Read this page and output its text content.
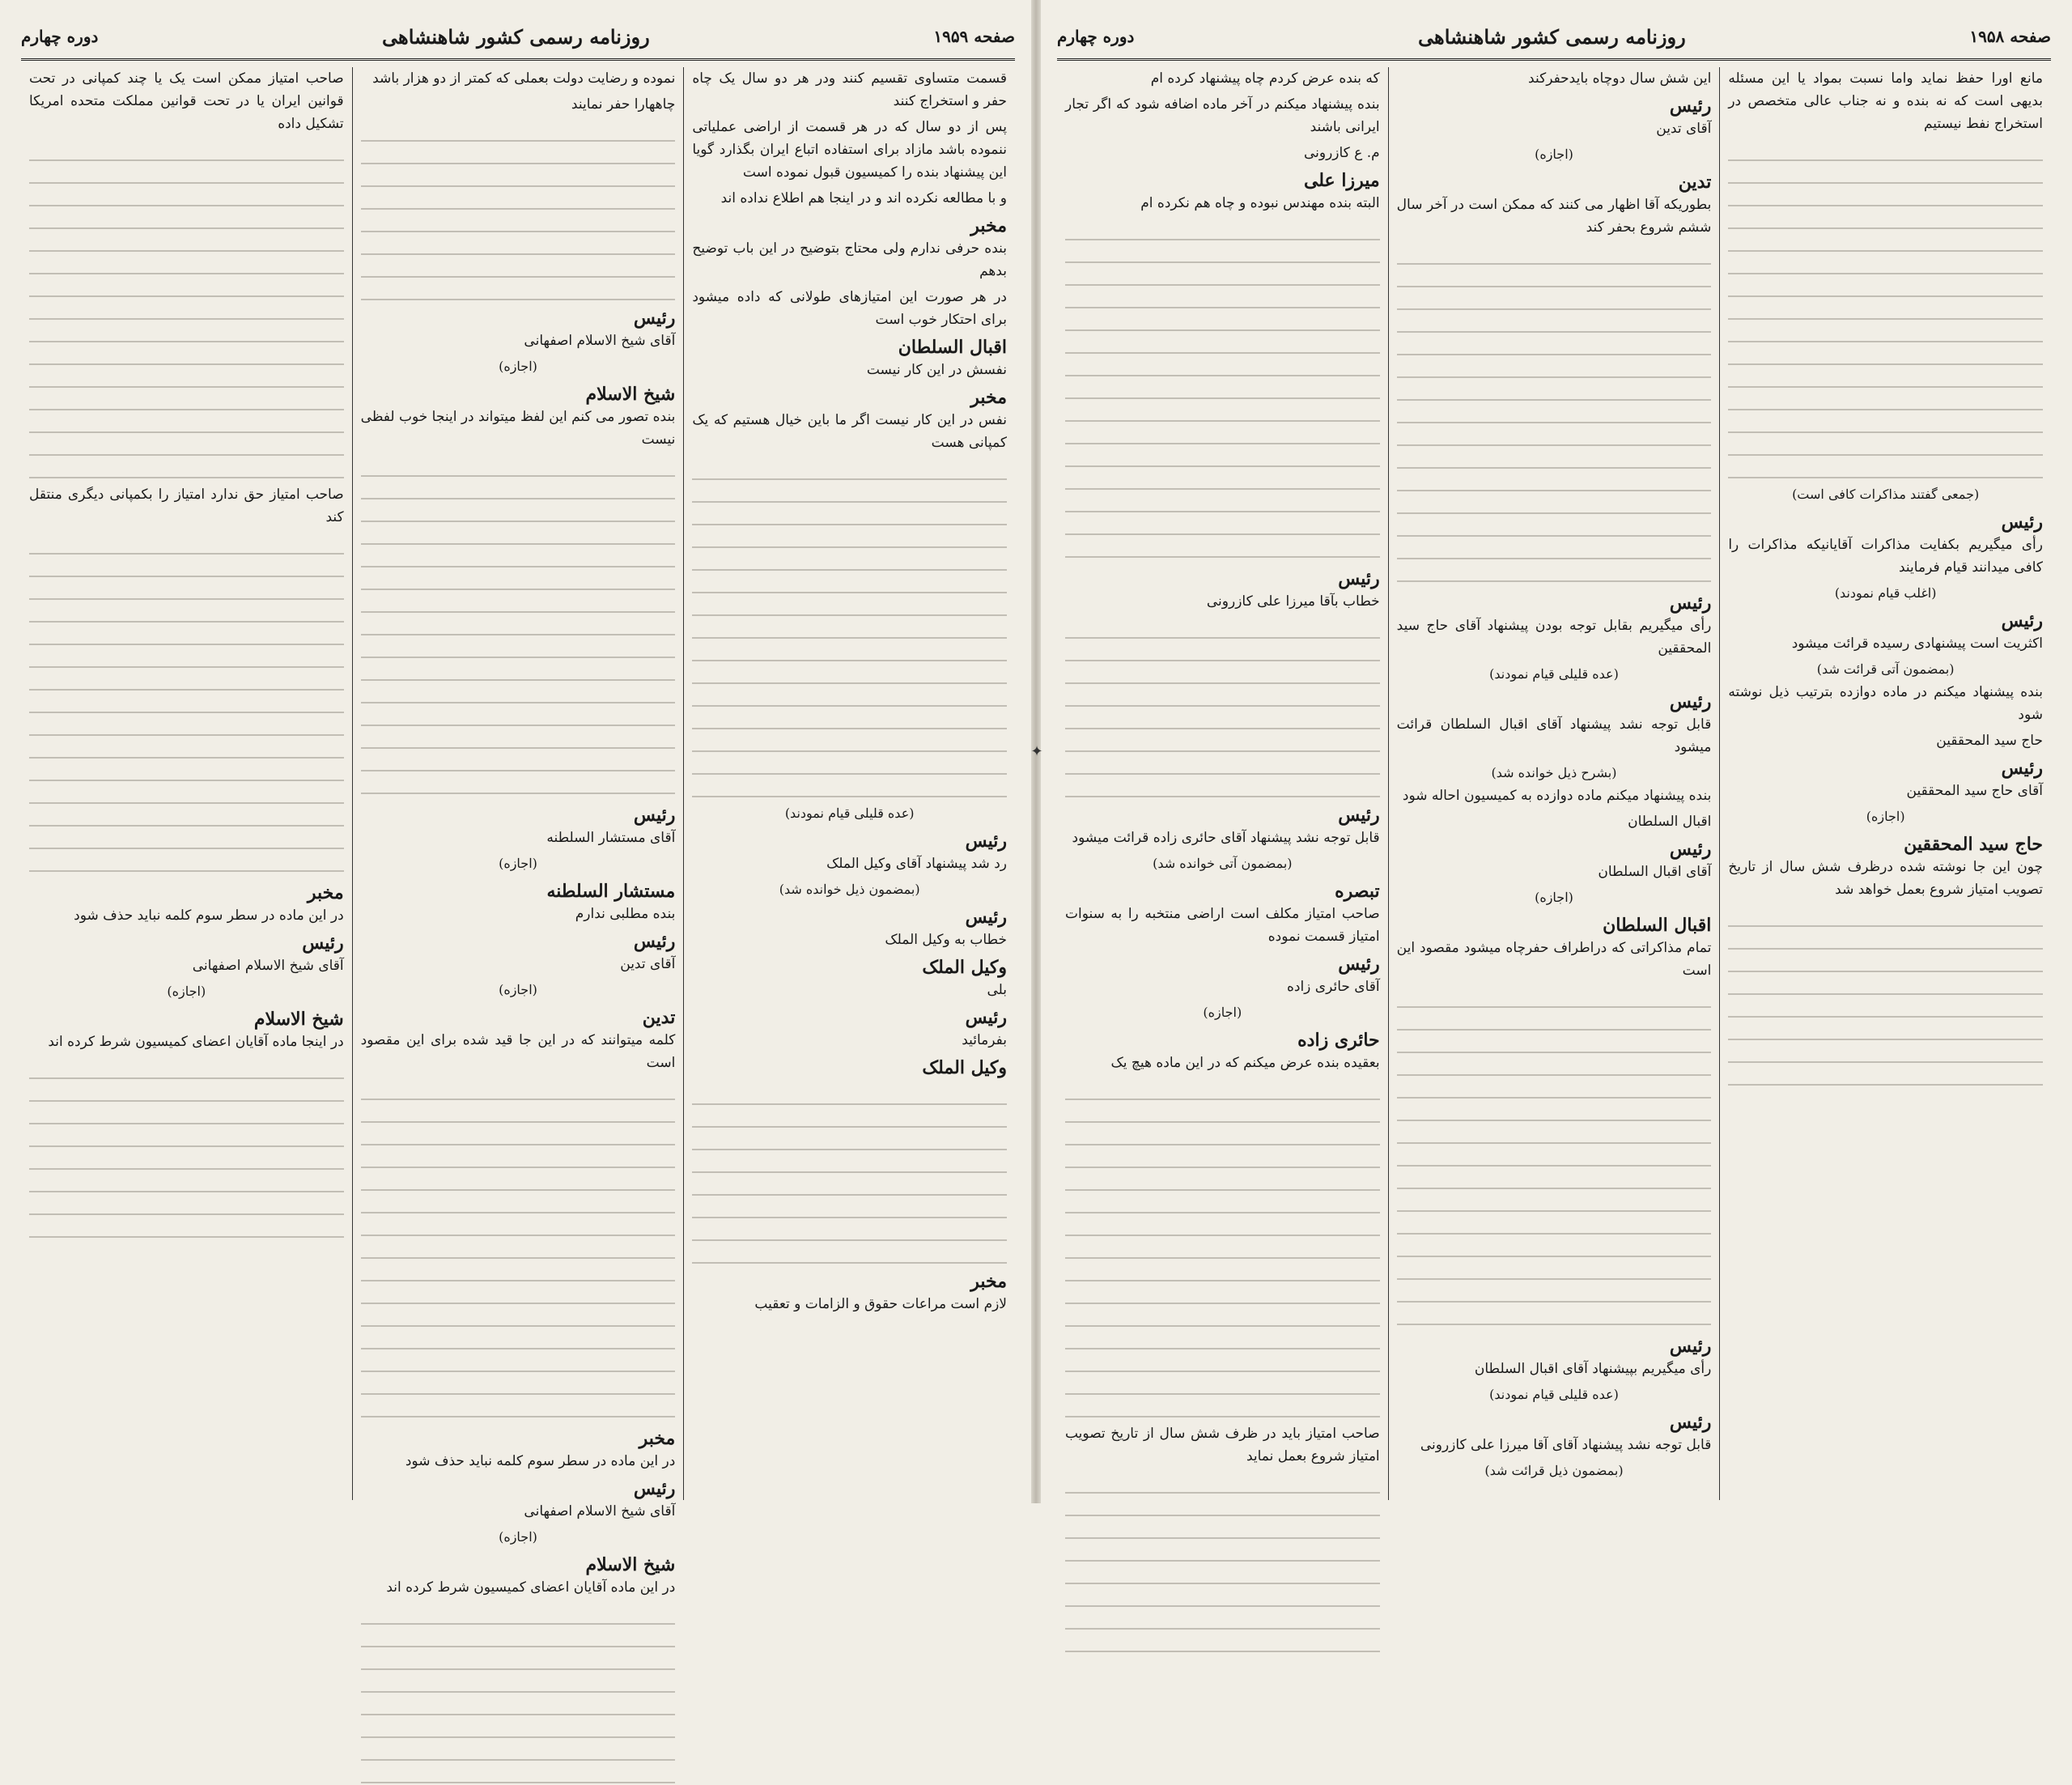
صفحه ۱۹۵۹
روزنامه رسمی کشور شاهنشاهی
دوره چهارم
قسمت متساوی تقسیم کنند ودر هر دو سال یک چاه حفر و استخراج کنند
پس از دو سال که در هر قسمت از اراضی عملیاتی ننموده باشد مازاد برای استفاده اتباع ایران بگذارد گویا این پیشنهاد بنده را کمیسیون قبول نموده است
و با مطالعه نکرده اند و در اینجا هم اطلاع نداده اند
مخبر
بنده حرفی ندارم ولی محتاج بتوضیح در این باب توضیح بدهم
در هر صورت این امتیازهای طولانی که داده میشود برای احتکار خوب است
اقبال السلطان
نفسش در این کار نیست
مخبر
نفس در این کار نیست اگر ما باین خیال هستیم که یک کمپانی هست
(عده قلیلی قیام نمودند)
رئیس
رد شد پیشنهاد آقای وکیل الملک
(بمضمون ذیل خوانده شد)
رئیس
خطاب به وکیل الملک
وکیل الملک
بلی
رئیس
بفرمائید
وکیل الملک
مخبر
لازم است مراعات حقوق و الزامات و تعقیب
نموده و رضایت دولت بعملی که کمتر از دو هزار باشد
چاههارا حفر نمایند
رئیس
آقای شیخ الاسلام اصفهانی
(اجازه)
شیخ الاسلام
بنده تصور می کنم این لفظ میتواند در اینجا خوب لفظی نیست
رئیس
آقای مستشار السلطنه
(اجازه)
مستشار السلطنه
بنده مطلبی ندارم
رئیس
آقای تدین
(اجازه)
تدین
کلمه میتوانند که در این جا قید شده برای این مقصود است
مخبر
در این ماده در سطر سوم کلمه نباید حذف شود
رئیس
آقای شیخ الاسلام اصفهانی
(اجازه)
شیخ الاسلام
در این ماده آقایان اعضای کمیسیون شرط کرده اند
صاحب امتیاز ممکن است یک یا چند کمپانی در تحت قوانین ایران یا در تحت قوانین مملکت متحده امریکا تشکیل داده
صاحب امتیاز حق ندارد امتیاز را بکمپانی دیگری منتقل کند
مخبر
در این ماده در سطر سوم کلمه نباید حذف شود
رئیس
آقای شیخ الاسلام اصفهانی
(اجازه)
شیخ الاسلام
در اینجا ماده آقایان اعضای کمیسیون شرط کرده اند
✦
صفحه ۱۹۵۸
روزنامه رسمی کشور شاهنشاهی
دوره چهارم
مانع اورا حفظ نماید واما نسبت بمواد یا این مسئله بدیهی است که نه بنده و نه جناب عالی متخصص در استخراج نفط نیستیم
(جمعی گفتند مذاکرات کافی است)
رئیس
رأی میگیریم بکفایت مذاکرات آقایانیکه مذاکرات را کافی میدانند قیام فرمایند
(اغلب قیام نمودند)
رئیس
اکثریت است پیشنهادی رسیده قرائت میشود
(بمضمون آتی قرائت شد)
بنده پیشنهاد میکنم در ماده دوازده بترتیب ذیل نوشته شود
حاج سید المحققین
رئیس
آقای حاج سید المحققین
(اجازه)
حاج سید المحققین
چون این جا نوشته شده درظرف شش سال از تاریخ تصویب امتیاز شروع بعمل خواهد شد
این شش سال دوچاه بایدحفرکند
رئیس
آقای تدین
(اجازه)
تدین
بطوریکه آقا اظهار می کنند که ممکن است در آخر سال ششم شروع بحفر کند
رئیس
رأی میگیریم بقابل توجه بودن پیشنهاد آقای حاج سید المحققین
(عده قلیلی قیام نمودند)
رئیس
قابل توجه نشد پیشنهاد آقای اقبال السلطان قرائت میشود
(بشرح ذیل خوانده شد)
بنده پیشنهاد میکنم ماده دوازده به کمیسیون احاله شود
اقبال السلطان
رئیس
آقای اقبال السلطان
(اجازه)
اقبال السلطان
تمام مذاکراتی که دراطراف حفرچاه میشود مقصود این است
رئیس
رأی میگیریم بپیشنهاد آقای اقبال السلطان
(عده قلیلی قیام نمودند)
رئیس
قابل توجه نشد پیشنهاد آقای آقا میرزا علی کازرونی
(بمضمون ذیل قرائت شد)
که بنده عرض کردم چاه پیشنهاد کرده ام
بنده پیشنهاد میکنم در آخر ماده اضافه شود که اگر تجار ایرانی باشند
م. ع کازرونی
میرزا علی
البته بنده مهندس نبوده و چاه هم نکرده ام
رئیس
خطاب بآقا میرزا علی کازرونی
رئیس
قابل توجه نشد پیشنهاد آقای حائری زاده قرائت میشود
(بمضمون آتی خوانده شد)
تبصره
صاحب امتیاز مکلف است اراضی منتخبه را به سنوات امتیاز قسمت نموده
رئیس
آقای حائری زاده
(اجازه)
حائری زاده
بعقیده بنده عرض میکنم که در این ماده هیچ یک
صاحب امتیاز باید در ظرف شش سال از تاریخ تصویب امتیاز شروع بعمل نماید
